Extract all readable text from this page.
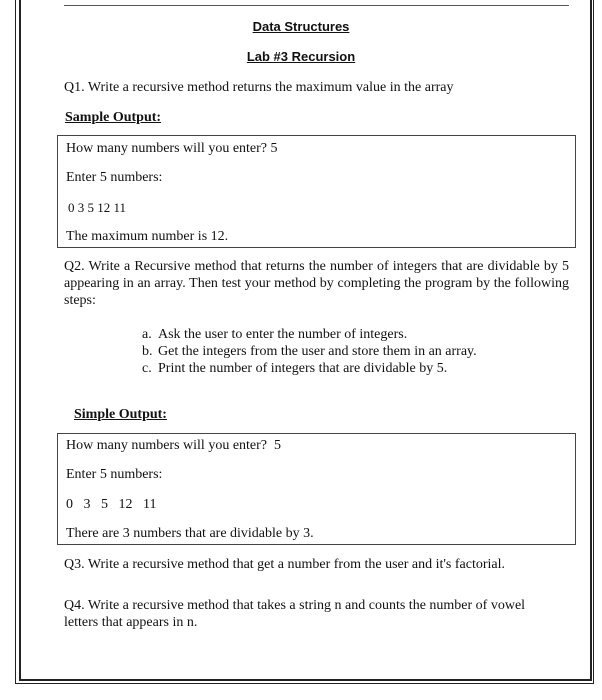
Data Structures
Lab #3 Recursion
Q1. Write a recursive method returns the maximum value in the array
Sample Output:
How many numbers will you enter? 5
Enter 5 numbers:
0 3 5 12 11
The maximum number is 12.
Q2. Write a Recursive method that returns the number of integers that are dividable by 5 appearing in an array. Then test your method by completing the program by the following steps:
a. Ask the user to enter the number of integers.
b. Get the integers from the user and store them in an array.
c. Print the number of integers that are dividable by 5.
Simple Output:
How many numbers will you enter?  5
Enter 5 numbers:
0   3   5   12   11
There are 3 numbers that are dividable by 3.
Q3. Write a recursive method that get a number from the user and it's factorial.
Q4. Write a recursive method that takes a string n and counts the number of vowel letters that appears in n.
